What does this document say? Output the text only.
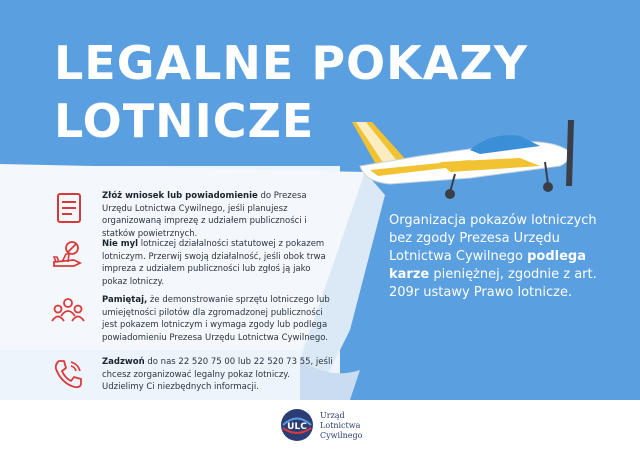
LEGALNE POKAZY
LOTNICZE
Złóż wniosek lub powiadomienie do Prezesa Urzędu Lotnictwa Cywilnego, jeśli planujesz organizowaną imprezę z udziałem publiczności i statków powietrznych.
Nie myl lotniczej działalności statutowej z pokazem lotniczym. Przerwij swoją działalność, jeśli obok trwa impreza z udziałem publiczności lub zgłoś ją jako pokaz lotniczy.
Pamiętaj, że demonstrowanie sprzętu lotniczego lub umiejętności pilotów dla zgromadzonej publiczności jest pokazem lotniczym i wymaga zgody lub podlega powiadomieniu Prezesa Urzędu Lotnictwa Cywilnego.
Zadzwoń do nas 22 520 75 00 lub 22 520 73 55, jeśli chcesz zorganizować legalny pokaz lotniczy. Udzielimy Ci niezbędnych informacji.
Organizacja pokazów lotniczych bez zgody Prezesa Urzędu Lotnictwa Cywilnego podlega karze pieniężnej, zgodnie z art. 209r ustawy Prawo lotnicze.
ULC
Urząd
Lotnictwa
Cywilnego
